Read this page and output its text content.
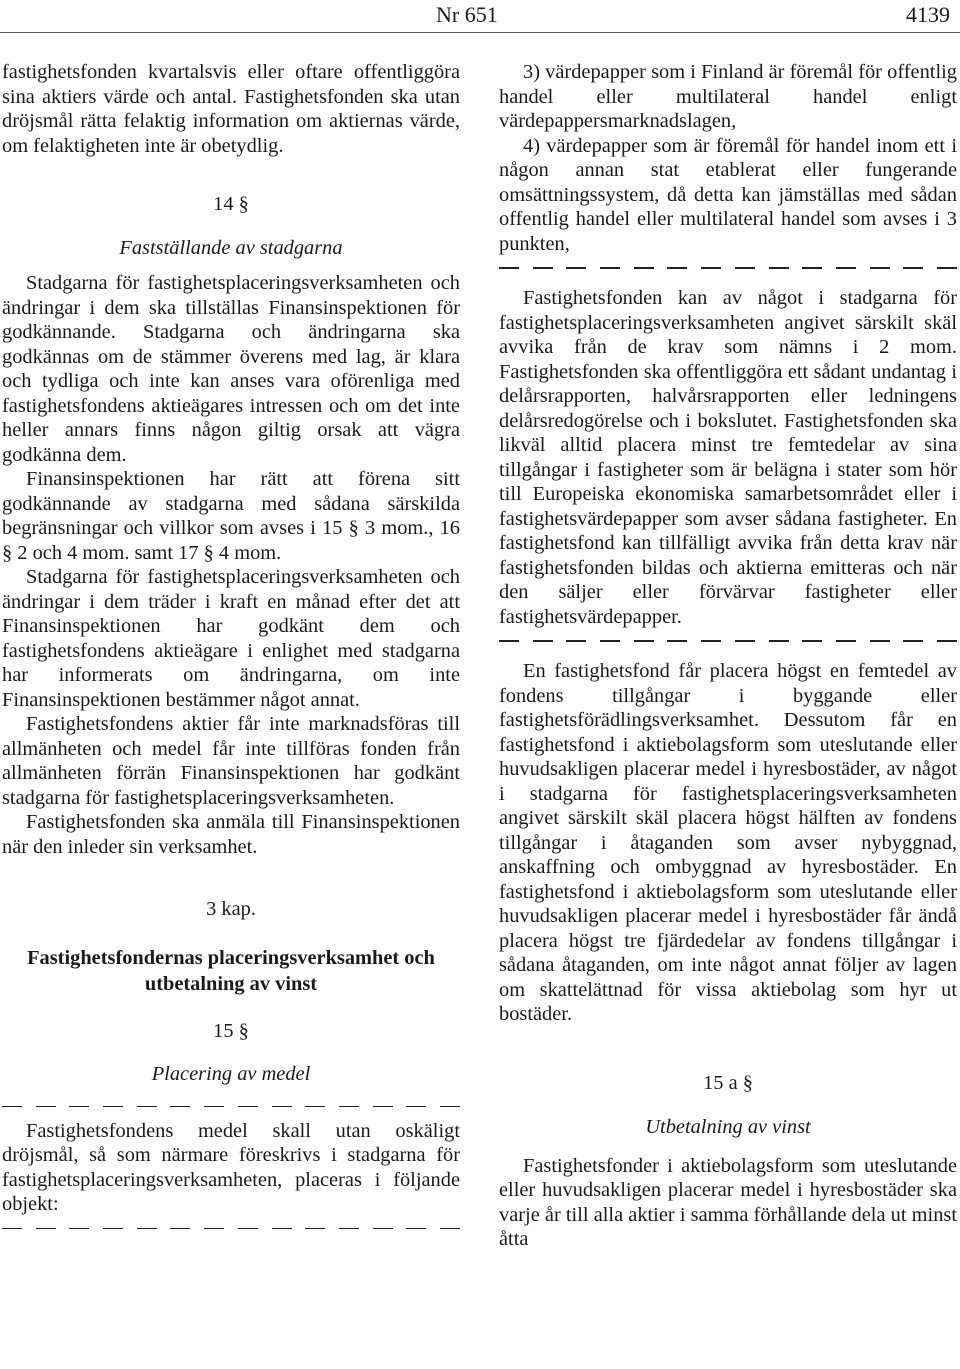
Nr 651	4139

fastighetsfonden kvartalsvis eller oftare offentliggöra sina aktiers värde och antal. Fastighetsfonden ska utan dröjsmål rätta felaktig information om aktiernas värde, om felaktigheten inte är obetydlig.

14 §
Fastställande av stadgarna

Stadgarna för fastighetsplaceringsverksamheten och ändringar i dem ska tillställas Finansinspektionen för godkännande. Stadgarna och ändringarna ska godkännas om de stämmer överens med lag, är klara och tydliga och inte kan anses vara oförenliga med fastighetsfondens aktieägares intressen och om det inte heller annars finns någon giltig orsak att vägra godkänna dem.

Finansinspektionen har rätt att förena sitt godkännande av stadgarna med sådana särskilda begränsningar och villkor som avses i 15 § 3 mom., 16 § 2 och 4 mom. samt 17 § 4 mom.

Stadgarna för fastighetsplaceringsverksamheten och ändringar i dem träder i kraft en månad efter det att Finansinspektionen har godkänt dem och fastighetsfondens aktieägare i enlighet med stadgarna har informerats om ändringarna, om inte Finansinspektionen bestämmer något annat.

Fastighetsfondens aktier får inte marknadsföras till allmänheten och medel får inte tillföras fonden från allmänheten förrän Finansinspektionen har godkänt stadgarna för fastighetsplaceringsverksamheten.

Fastighetsfonden ska anmäla till Finansinspektionen när den inleder sin verksamhet.

3 kap.
Fastighetsfondernas placeringsverksamhet och utbetalning av vinst
15 §
Placering av medel

Fastighetsfondens medel skall utan oskäligt dröjsmål, så som närmare föreskrivs i stadgarna för fastighetsplaceringsverksamheten, placeras i följande objekt:

3) värdepapper som i Finland är föremål för offentlig handel eller multilateral handel enligt värdepappersmarknadslagen,

4) värdepapper som är föremål för handel inom ett i någon annan stat etablerat eller fungerande omsättningssystem, då detta kan jämställas med sådan offentlig handel eller multilateral handel som avses i 3 punkten,

Fastighetsfonden kan av något i stadgarna för fastighetsplaceringsverksamheten angivet särskilt skäl avvika från de krav som nämns i 2 mom. Fastighetsfonden ska offentliggöra ett sådant undantag i delårsrapporten, halvårsrapporten eller ledningens delårsredogörelse och i bokslutet. Fastighetsfonden ska likväl alltid placera minst tre femtedelar av sina tillgångar i fastigheter som är belägna i stater som hör till Europeiska ekonomiska samarbetsområdet eller i fastighetsvärdepapper som avser sådana fastigheter. En fastighetsfond kan tillfälligt avvika från detta krav när fastighetsfonden bildas och aktierna emitteras och när den säljer eller förvärvar fastigheter eller fastighetsvärdepapper.

En fastighetsfond får placera högst en femtedel av fondens tillgångar i byggande eller fastighetsförädlingsverksamhet. Dessutom får en fastighetsfond i aktiebolagsform som uteslutande eller huvudsakligen placerar medel i hyresbostäder, av något i stadgarna för fastighetsplaceringsverksamheten angivet särskilt skäl placera högst hälften av fondens tillgångar i åtaganden som avser nybyggnad, anskaffning och ombyggnad av hyresbostäder. En fastighetsfond i aktiebolagsform som uteslutande eller huvudsakligen placerar medel i hyresbostäder får ändå placera högst tre fjärdedelar av fondens tillgångar i sådana åtaganden, om inte något annat följer av lagen om skattelättnad för vissa aktiebolag som hyr ut bostäder.

15 a §
Utbetalning av vinst

Fastighetsfonder i aktiebolagsform som uteslutande eller huvudsakligen placerar medel i hyresbostäder ska varje år till alla aktier i samma förhållande dela ut minst åtta
